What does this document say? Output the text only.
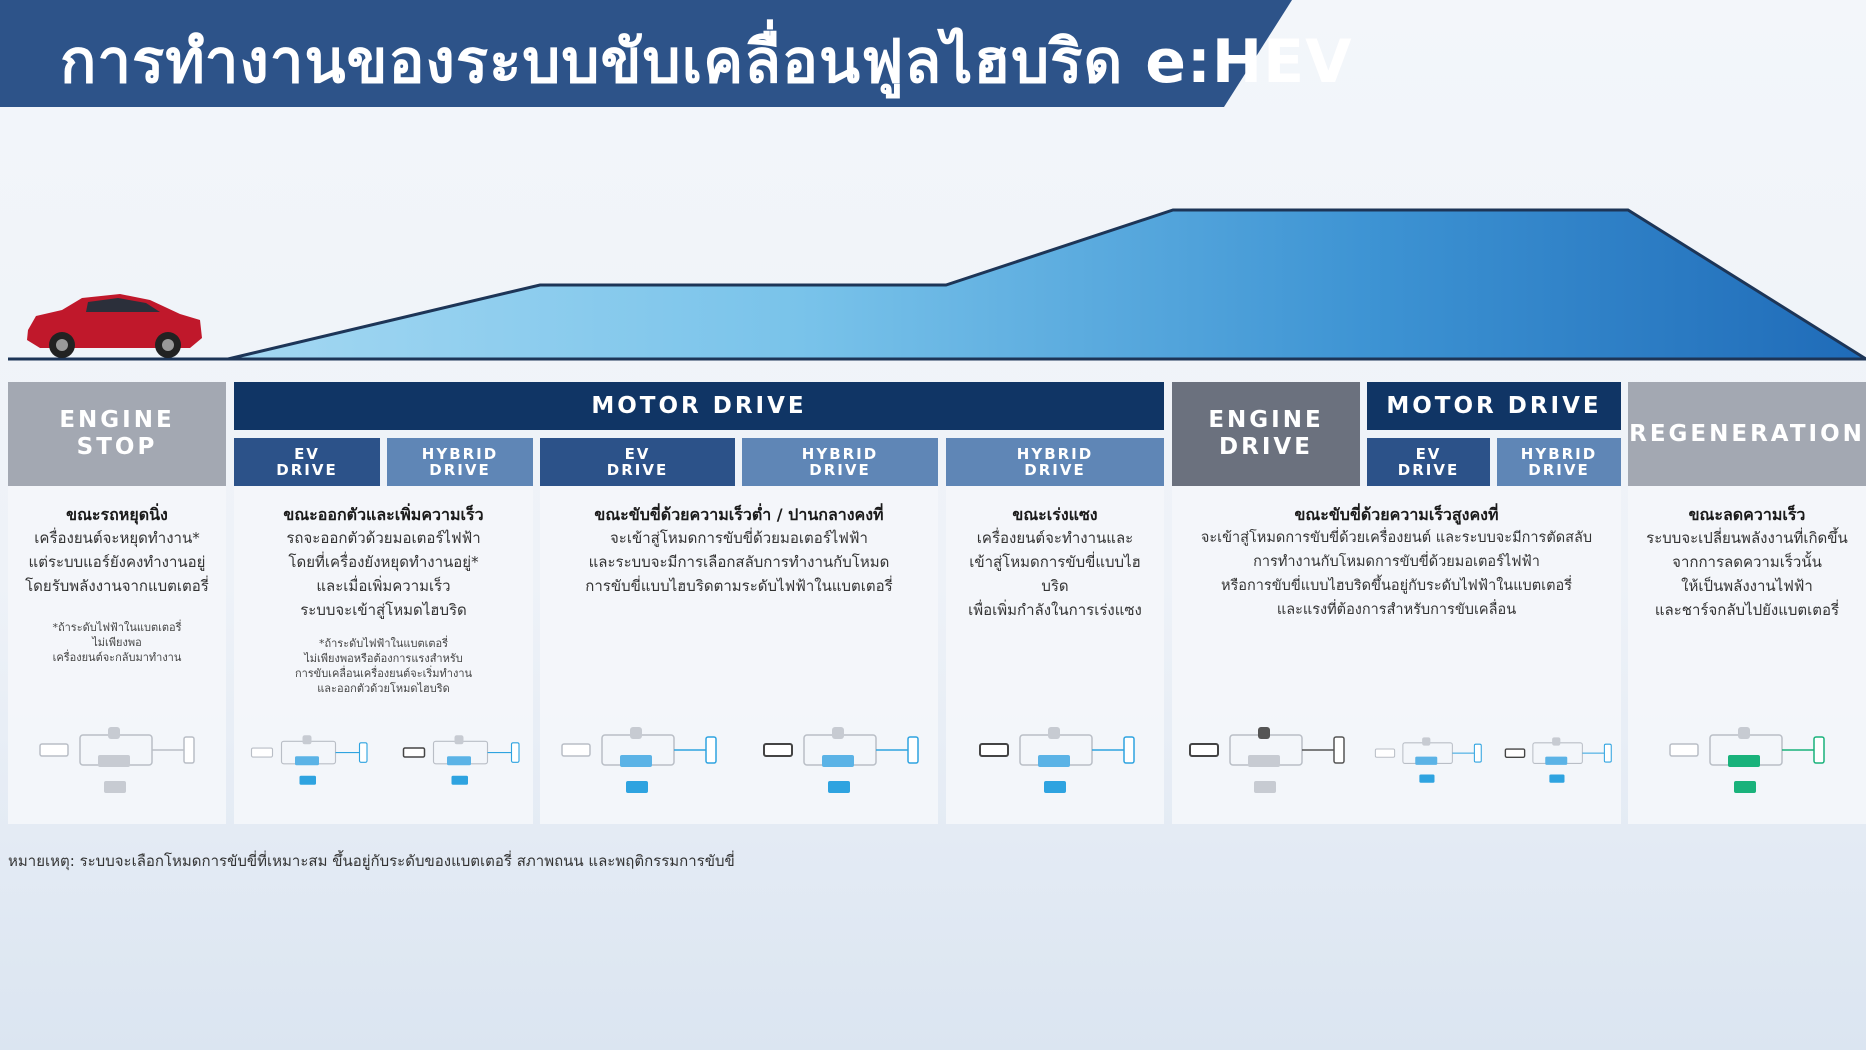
การทำงานของระบบขับเคลื่อนฟูลไฮบริด e:HEV
ENGINE
STOP
MOTOR DRIVE
ENGINE
DRIVE
MOTOR DRIVE
REGENERATION
EV
DRIVE
HYBRID
DRIVE
EV
DRIVE
HYBRID
DRIVE
HYBRID
DRIVE
EV
DRIVE
HYBRID
DRIVE
ขณะรถหยุดนิ่ง
เครื่องยนต์จะหยุดทำงาน*
แต่ระบบแอร์ยังคงทำงานอยู่
โดยรับพลังงานจากแบตเตอรี่
*ถ้าระดับไฟฟ้าในแบตเตอรี่
ไม่เพียงพอ
เครื่องยนต์จะกลับมาทำงาน
ขณะออกตัวและเพิ่มความเร็ว
รถจะออกตัวด้วยมอเตอร์ไฟฟ้า
โดยที่เครื่องยังหยุดทำงานอยู่*
และเมื่อเพิ่มความเร็ว
ระบบจะเข้าสู่โหมดไฮบริด
*ถ้าระดับไฟฟ้าในแบตเตอรี่
ไม่เพียงพอหรือต้องการแรงสำหรับ
การขับเคลื่อนเครื่องยนต์จะเริ่มทำงาน
และออกตัวด้วยโหมดไฮบริด
ขณะขับขี่ด้วยความเร็วต่ำ / ปานกลางคงที่
จะเข้าสู่โหมดการขับขี่ด้วยมอเตอร์ไฟฟ้า
และระบบจะมีการเลือกสลับการทำงานกับโหมด
การขับขี่แบบไฮบริดตามระดับไฟฟ้าในแบตเตอรี่
ขณะเร่งแซง
เครื่องยนต์จะทำงานและ
เข้าสู่โหมดการขับขี่แบบไฮบริด
เพื่อเพิ่มกำลังในการเร่งแซง
ขณะขับขี่ด้วยความเร็วสูงคงที่
จะเข้าสู่โหมดการขับขี่ด้วยเครื่องยนต์ และระบบจะมีการตัดสลับ
การทำงานกับโหมดการขับขี่ด้วยมอเตอร์ไฟฟ้า
หรือการขับขี่แบบไฮบริดขึ้นอยู่กับระดับไฟฟ้าในแบตเตอรี่
และแรงที่ต้องการสำหรับการขับเคลื่อน
ขณะลดความเร็ว
ระบบจะเปลี่ยนพลังงานที่เกิดขึ้น
จากการลดความเร็วนั้น
ให้เป็นพลังงานไฟฟ้า
และชาร์จกลับไปยังแบตเตอรี่
หมายเหตุ: ระบบจะเลือกโหมดการขับขี่ที่เหมาะสม ขึ้นอยู่กับระดับของแบตเตอรี่ สภาพถนน และพฤติกรรมการขับขี่
